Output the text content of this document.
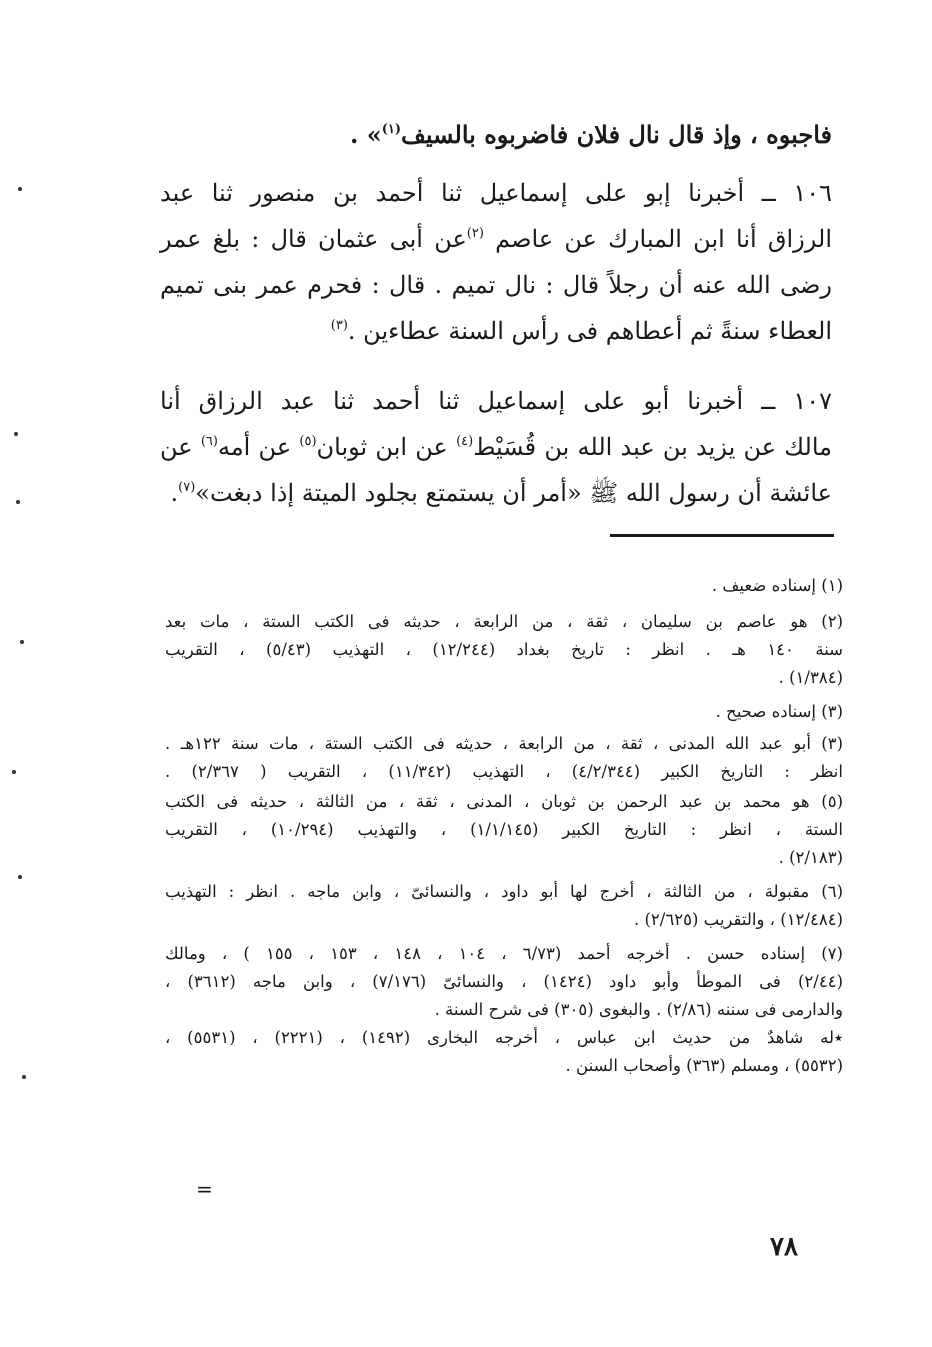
فاجبوه ، وإذ قال نال فلان فاضربوه بالسيف$^{(١)}$» .
١٠٦ ــ أخبرنا إبو على إسماعيل ثنا أحمد بن منصور ثنا عبد
الرزاق أنا ابن المبارك عن عاصم $^{(٢)}$عن أبى عثمان قال : بلغ عمر
رضى الله عنه أن رجلاً قال : نال تميم . قال : فحرم عمر بنى تميم
العطاء سنةً ثم أعطاهم فى رأس السنة عطاءين .$^{(٣)}$
١٠٧ ــ أخبرنا أبو على إسماعيل ثنا أحمد ثنا عبد الرزاق أنا
مالك عن يزيد بن عبد الله بن قُسَيْط$^{(٤)}$ عن ابن ثوبان$^{(٥)}$ عن أمه$^{(٦)}$ عن
عائشة أن رسول الله ﷺ «أمر أن يستمتع بجلود الميتة إذا دبغت»$^{(٧)}$.

(١) إسناده ضعيف .

(٢) هو عاصم بن سليمان ، ثقة ، من الرابعة ، حديثه فى الكتب الستة ، مات بعد
سنة ١٤٠ هـ . انظر : تاريخ بغداد (١٢/٢٤٤) ، التهذيب (٥/٤٣) ، التقريب
(١/٣٨٤) .

(٣) إسناده صحيح .

(٣) أبو عبد الله المدنى ، ثقة ، من الرابعة ، حديثه فى الكتب الستة ، مات سنة ١٢٢هـ .
انظر : التاريخ الكبير (٤/٢/٣٤٤) ، التهذيب (١١/٣٤٢) ، التقريب ( ٢/٣٦٧) .

(٥) هو محمد بن عبد الرحمن بن ثوبان ، المدنى ، ثقة ، من الثالثة ، حديثه فى الكتب
الستة ، انظر : التاريخ الكبير (١/١/١٤٥) ، والتهذيب (١٠/٢٩٤) ، التقريب
(٢/١٨٣) .

(٦) مقبولة ، من الثالثة ، أخرج لها أبو داود ، والنسائىّ ، وابن ماجه . انظر : التهذيب
(١٢/٤٨٤) ، والتقريب (٢/٦٢٥) .

(٧) إسناده حسن . أخرجه أحمد (٦/٧٣ ، ١٠٤ ، ١٤٨ ، ١٥٣ ، ١٥٥ ) ، ومالك
(٢/٤٤) فى الموطأ وأبو داود (١٤٢٤) ، والنسائىّ (٧/١٧٦) ، وابن ماجه (٣٦١٢) ،
والدارمى فى سننه (٢/٨٦) . والبغوى (٣٠٥) فى شرح السنة .
٭له شاهدٌ من حديث ابن عباس ، أخرجه البخارى (١٤٩٢) ، (٢٢٢١) ، (٥٥٣١) ،
(٥٥٣٢) ، ومسلم (٣٦٣) وأصحاب السنن .

=
٧٨
